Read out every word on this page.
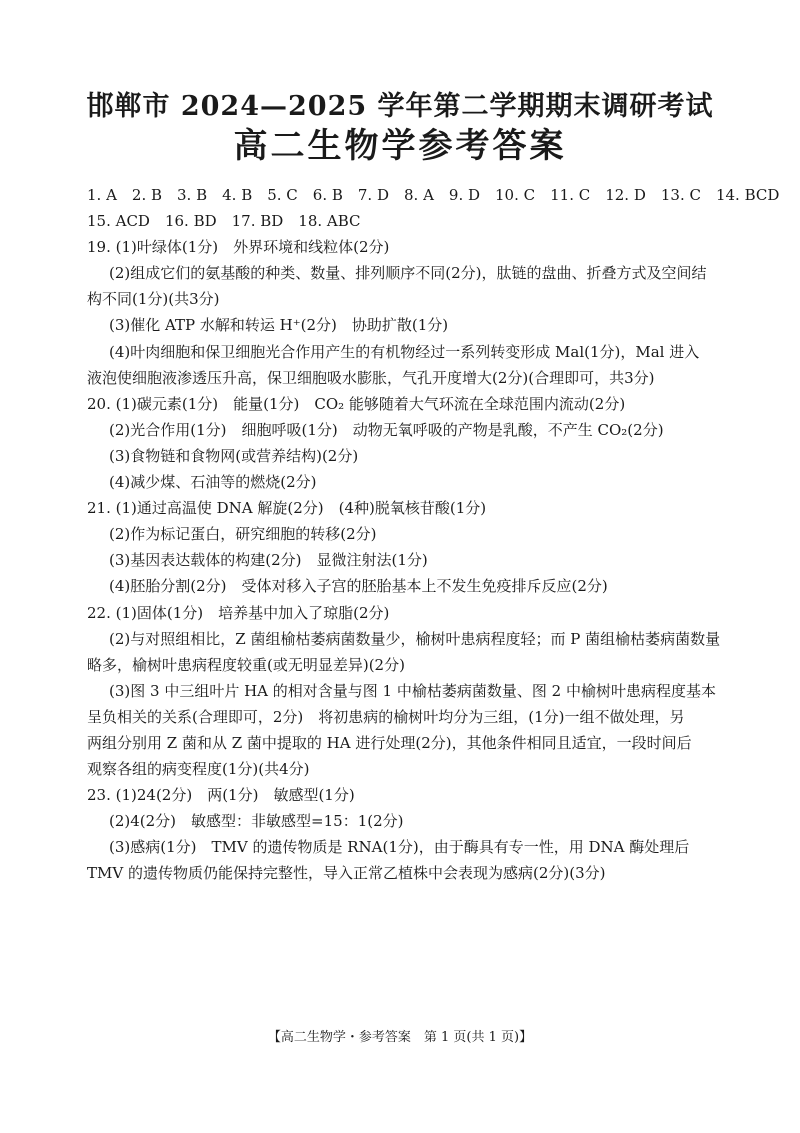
邯郸市 2024—2025 学年第二学期期末调研考试
高二生物学参考答案
1. A　2. B　3. B　4. B　5. C　6. B　7. D　8. A　9. D　10. C　11. C　12. D　13. C　14. BCD
15. ACD　16. BD　17. BD　18. ABC
19. (1)叶绿体(1分)　外界环境和线粒体(2分)
(2)组成它们的氨基酸的种类、数量、排列顺序不同(2分)，肽链的盘曲、折叠方式及空间结
构不同(1分)(共3分)
(3)催化 ATP 水解和转运 H⁺(2分)　协助扩散(1分)
(4)叶肉细胞和保卫细胞光合作用产生的有机物经过一系列转变形成 Mal(1分)，Mal 进入
液泡使细胞液渗透压升高，保卫细胞吸水膨胀，气孔开度增大(2分)(合理即可，共3分)
20. (1)碳元素(1分)　能量(1分)　CO₂ 能够随着大气环流在全球范围内流动(2分)
(2)光合作用(1分)　细胞呼吸(1分)　动物无氧呼吸的产物是乳酸，不产生 CO₂(2分)
(3)食物链和食物网(或营养结构)(2分)
(4)减少煤、石油等的燃烧(2分)
21. (1)通过高温使 DNA 解旋(2分)　(4种)脱氧核苷酸(1分)
(2)作为标记蛋白，研究细胞的转移(2分)
(3)基因表达载体的构建(2分)　显微注射法(1分)
(4)胚胎分割(2分)　受体对移入子宫的胚胎基本上不发生免疫排斥反应(2分)
22. (1)固体(1分)　培养基中加入了琼脂(2分)
(2)与对照组相比，Z 菌组榆枯萎病菌数量少，榆树叶患病程度轻；而 P 菌组榆枯萎病菌数量
略多，榆树叶患病程度较重(或无明显差异)(2分)
(3)图 3 中三组叶片 HA 的相对含量与图 1 中榆枯萎病菌数量、图 2 中榆树叶患病程度基本
呈负相关的关系(合理即可，2分)　将初患病的榆树叶均分为三组，(1分)一组不做处理，另
两组分别用 Z 菌和从 Z 菌中提取的 HA 进行处理(2分)，其他条件相同且适宜，一段时间后
观察各组的病变程度(1分)(共4分)
23. (1)24(2分)　两(1分)　敏感型(1分)
(2)4(2分)　敏感型：非敏感型=15：1(2分)
(3)感病(1分)　TMV 的遗传物质是 RNA(1分)，由于酶具有专一性，用 DNA 酶处理后
TMV 的遗传物质仍能保持完整性，导入正常乙植株中会表现为感病(2分)(3分)
【高二生物学・参考答案　第 1 页(共 1 页)】
